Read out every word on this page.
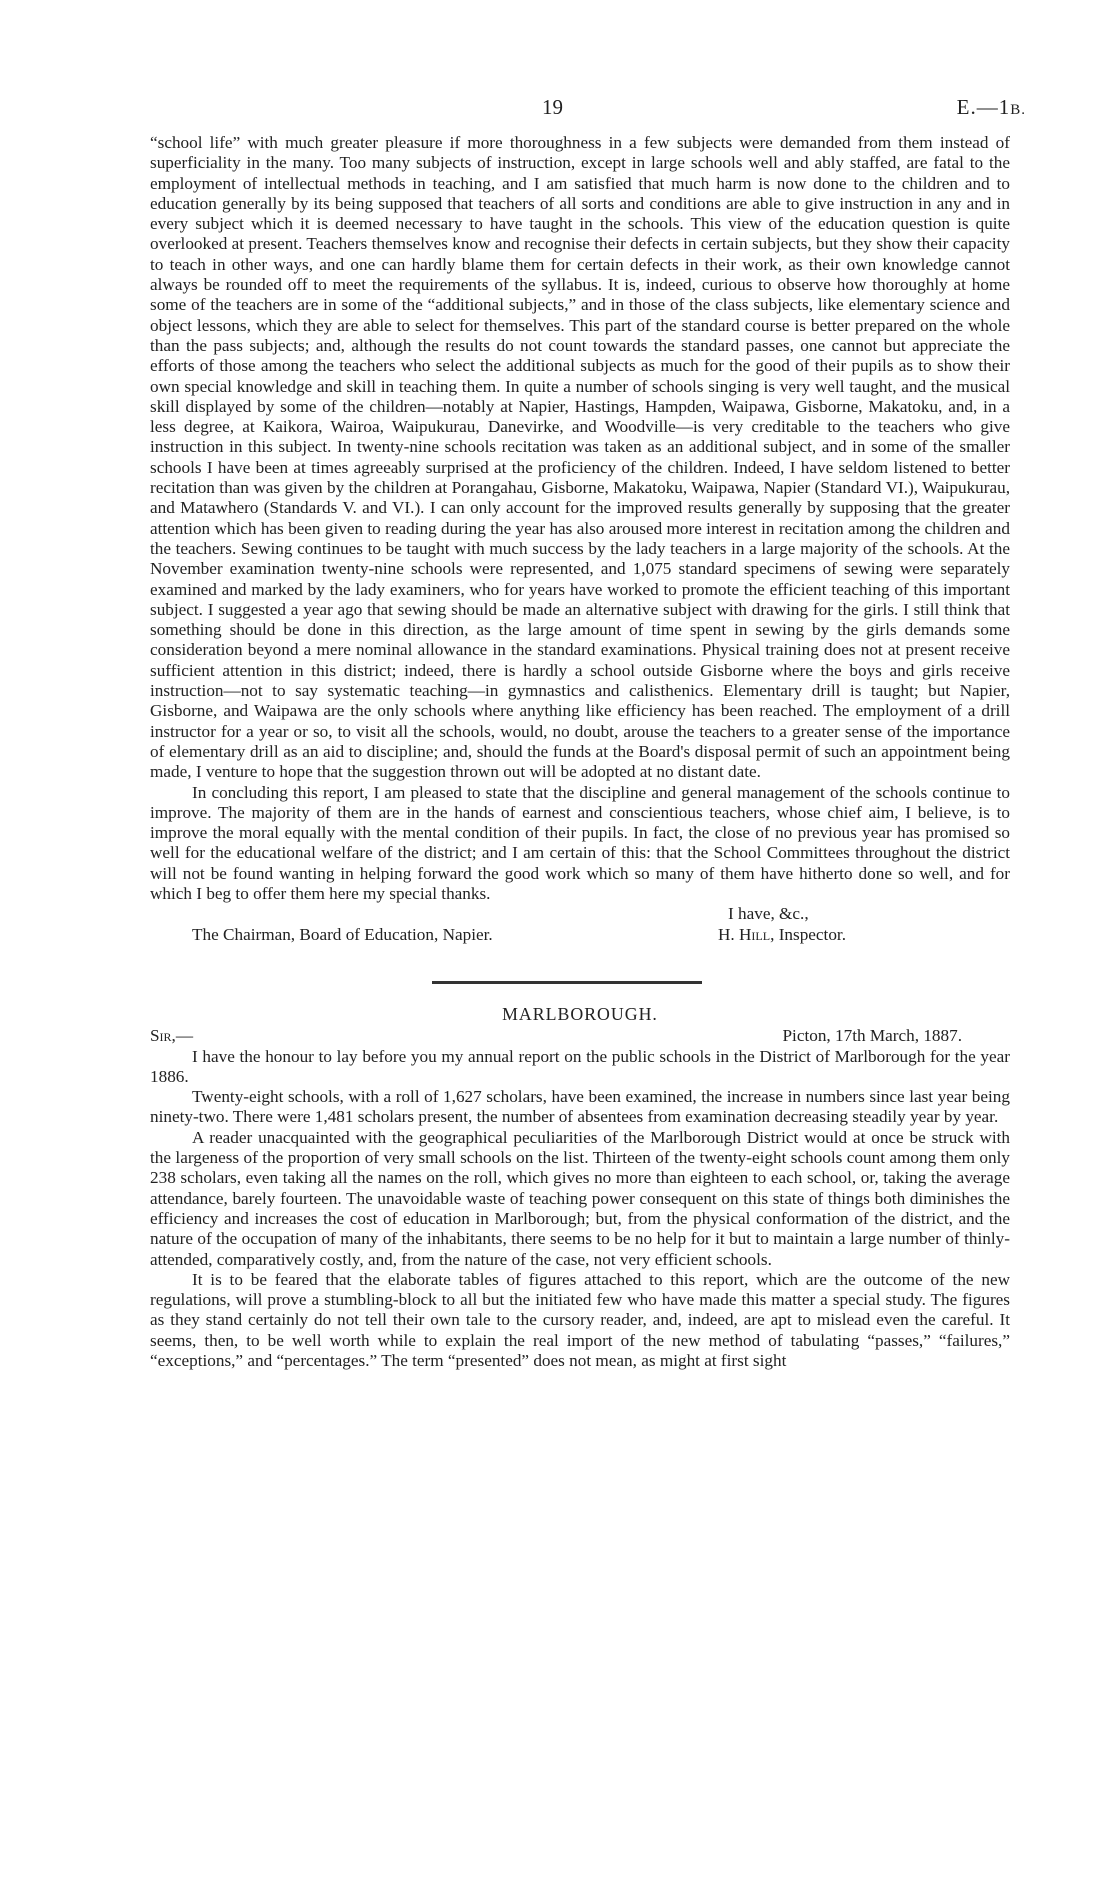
19	E.—1B.

“school life” with much greater pleasure if more thoroughness in a few subjects were demanded from them instead of superficiality in the many. Too many subjects of instruction, except in large schools well and ably staffed, are fatal to the employment of intellectual methods in teaching, and I am satisfied that much harm is now done to the children and to education generally by its being supposed that teachers of all sorts and conditions are able to give instruction in any and in every subject which it is deemed necessary to have taught in the schools. This view of the education question is quite overlooked at present. Teachers themselves know and recognise their defects in certain subjects, but they show their capacity to teach in other ways, and one can hardly blame them for certain defects in their work, as their own knowledge cannot always be rounded off to meet the requirements of the syllabus. It is, indeed, curious to observe how thoroughly at home some of the teachers are in some of the “additional subjects,” and in those of the class subjects, like elementary science and object lessons, which they are able to select for themselves. This part of the standard course is better prepared on the whole than the pass subjects; and, although the results do not count towards the standard passes, one cannot but appreciate the efforts of those among the teachers who select the additional subjects as much for the good of their pupils as to show their own special knowledge and skill in teaching them. In quite a number of schools singing is very well taught, and the musical skill displayed by some of the children—notably at Napier, Hastings, Hampden, Waipawa, Gisborne, Makatoku, and, in a less degree, at Kaikora, Wairoa, Waipukurau, Danevirke, and Woodville—is very creditable to the teachers who give instruction in this subject. In twenty-nine schools recitation was taken as an additional subject, and in some of the smaller schools I have been at times agreeably surprised at the proficiency of the children. Indeed, I have seldom listened to better recitation than was given by the children at Porangahau, Gisborne, Makatoku, Waipawa, Napier (Standard VI.), Waipukurau, and Matawhero (Standards V. and VI.). I can only account for the improved results generally by supposing that the greater attention which has been given to reading during the year has also aroused more interest in recitation among the children and the teachers. Sewing continues to be taught with much success by the lady teachers in a large majority of the schools. At the November examination twenty-nine schools were represented, and 1,075 standard specimens of sewing were separately examined and marked by the lady examiners, who for years have worked to promote the efficient teaching of this important subject. I suggested a year ago that sewing should be made an alternative subject with drawing for the girls. I still think that something should be done in this direction, as the large amount of time spent in sewing by the girls demands some consideration beyond a mere nominal allowance in the standard examinations. Physical training does not at present receive sufficient attention in this district; indeed, there is hardly a school outside Gisborne where the boys and girls receive instruction—not to say systematic teaching—in gymnastics and calisthenics. Elementary drill is taught; but Napier, Gisborne, and Waipawa are the only schools where anything like efficiency has been reached. The employment of a drill instructor for a year or so, to visit all the schools, would, no doubt, arouse the teachers to a greater sense of the importance of elementary drill as an aid to discipline; and, should the funds at the Board's disposal permit of such an appointment being made, I venture to hope that the suggestion thrown out will be adopted at no distant date.

In concluding this report, I am pleased to state that the discipline and general management of the schools continue to improve. The majority of them are in the hands of earnest and conscientious teachers, whose chief aim, I believe, is to improve the moral equally with the mental condition of their pupils. In fact, the close of no previous year has promised so well for the educational welfare of the district; and I am certain of this: that the School Committees throughout the district will not be found wanting in helping forward the good work which so many of them have hitherto done so well, and for which I beg to offer them here my special thanks.

I have, &c.,
The Chairman, Board of Education, Napier.	H. Hill, Inspector.
MARLBOROUGH.
Sir,—	Picton, 17th March, 1887.

I have the honour to lay before you my annual report on the public schools in the District of Marlborough for the year 1886.

Twenty-eight schools, with a roll of 1,627 scholars, have been examined, the increase in numbers since last year being ninety-two. There were 1,481 scholars present, the number of absentees from examination decreasing steadily year by year.

A reader unacquainted with the geographical peculiarities of the Marlborough District would at once be struck with the largeness of the proportion of very small schools on the list. Thirteen of the twenty-eight schools count among them only 238 scholars, even taking all the names on the roll, which gives no more than eighteen to each school, or, taking the average attendance, barely fourteen. The unavoidable waste of teaching power consequent on this state of things both diminishes the efficiency and increases the cost of education in Marlborough; but, from the physical conformation of the district, and the nature of the occupation of many of the inhabitants, there seems to be no help for it but to maintain a large number of thinly-attended, comparatively costly, and, from the nature of the case, not very efficient schools.

It is to be feared that the elaborate tables of figures attached to this report, which are the outcome of the new regulations, will prove a stumbling-block to all but the initiated few who have made this matter a special study. The figures as they stand certainly do not tell their own tale to the cursory reader, and, indeed, are apt to mislead even the careful. It seems, then, to be well worth while to explain the real import of the new method of tabulating “passes,” “failures,” “exceptions,” and “percentages.” The term “presented” does not mean, as might at first sight
